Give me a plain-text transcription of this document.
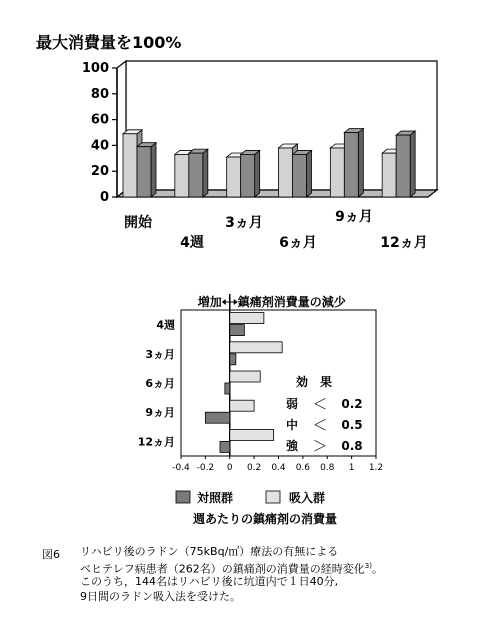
最大消費量を100%
0
20
40
60
80
100
開始
4週
3ヵ月
6ヵ月
9ヵ月
12ヵ月
増加 鎮痛剤消費量の減少
4週
3ヵ月
6ヵ月
9ヵ月
12ヵ月
-0.4 -0.2 0 0.2 0.4 0.6 0.8 1 1.2
週あたりの鎮痛剤の消費量
効　果
弱 ＜ 0.2
中 ＜ 0.5
強 ＞ 0.8
対照群	吸入群
図6 リハビリ後のラドン（75kBq/㎥）療法の有無による
ベヒテレフ病患者（262名）の鎮痛剤の消費量の経時変化$^{3)}$。
このうち，144名はリハビリ後に坑道内で１日40分,
9日間のラドン吸入法を受けた。
